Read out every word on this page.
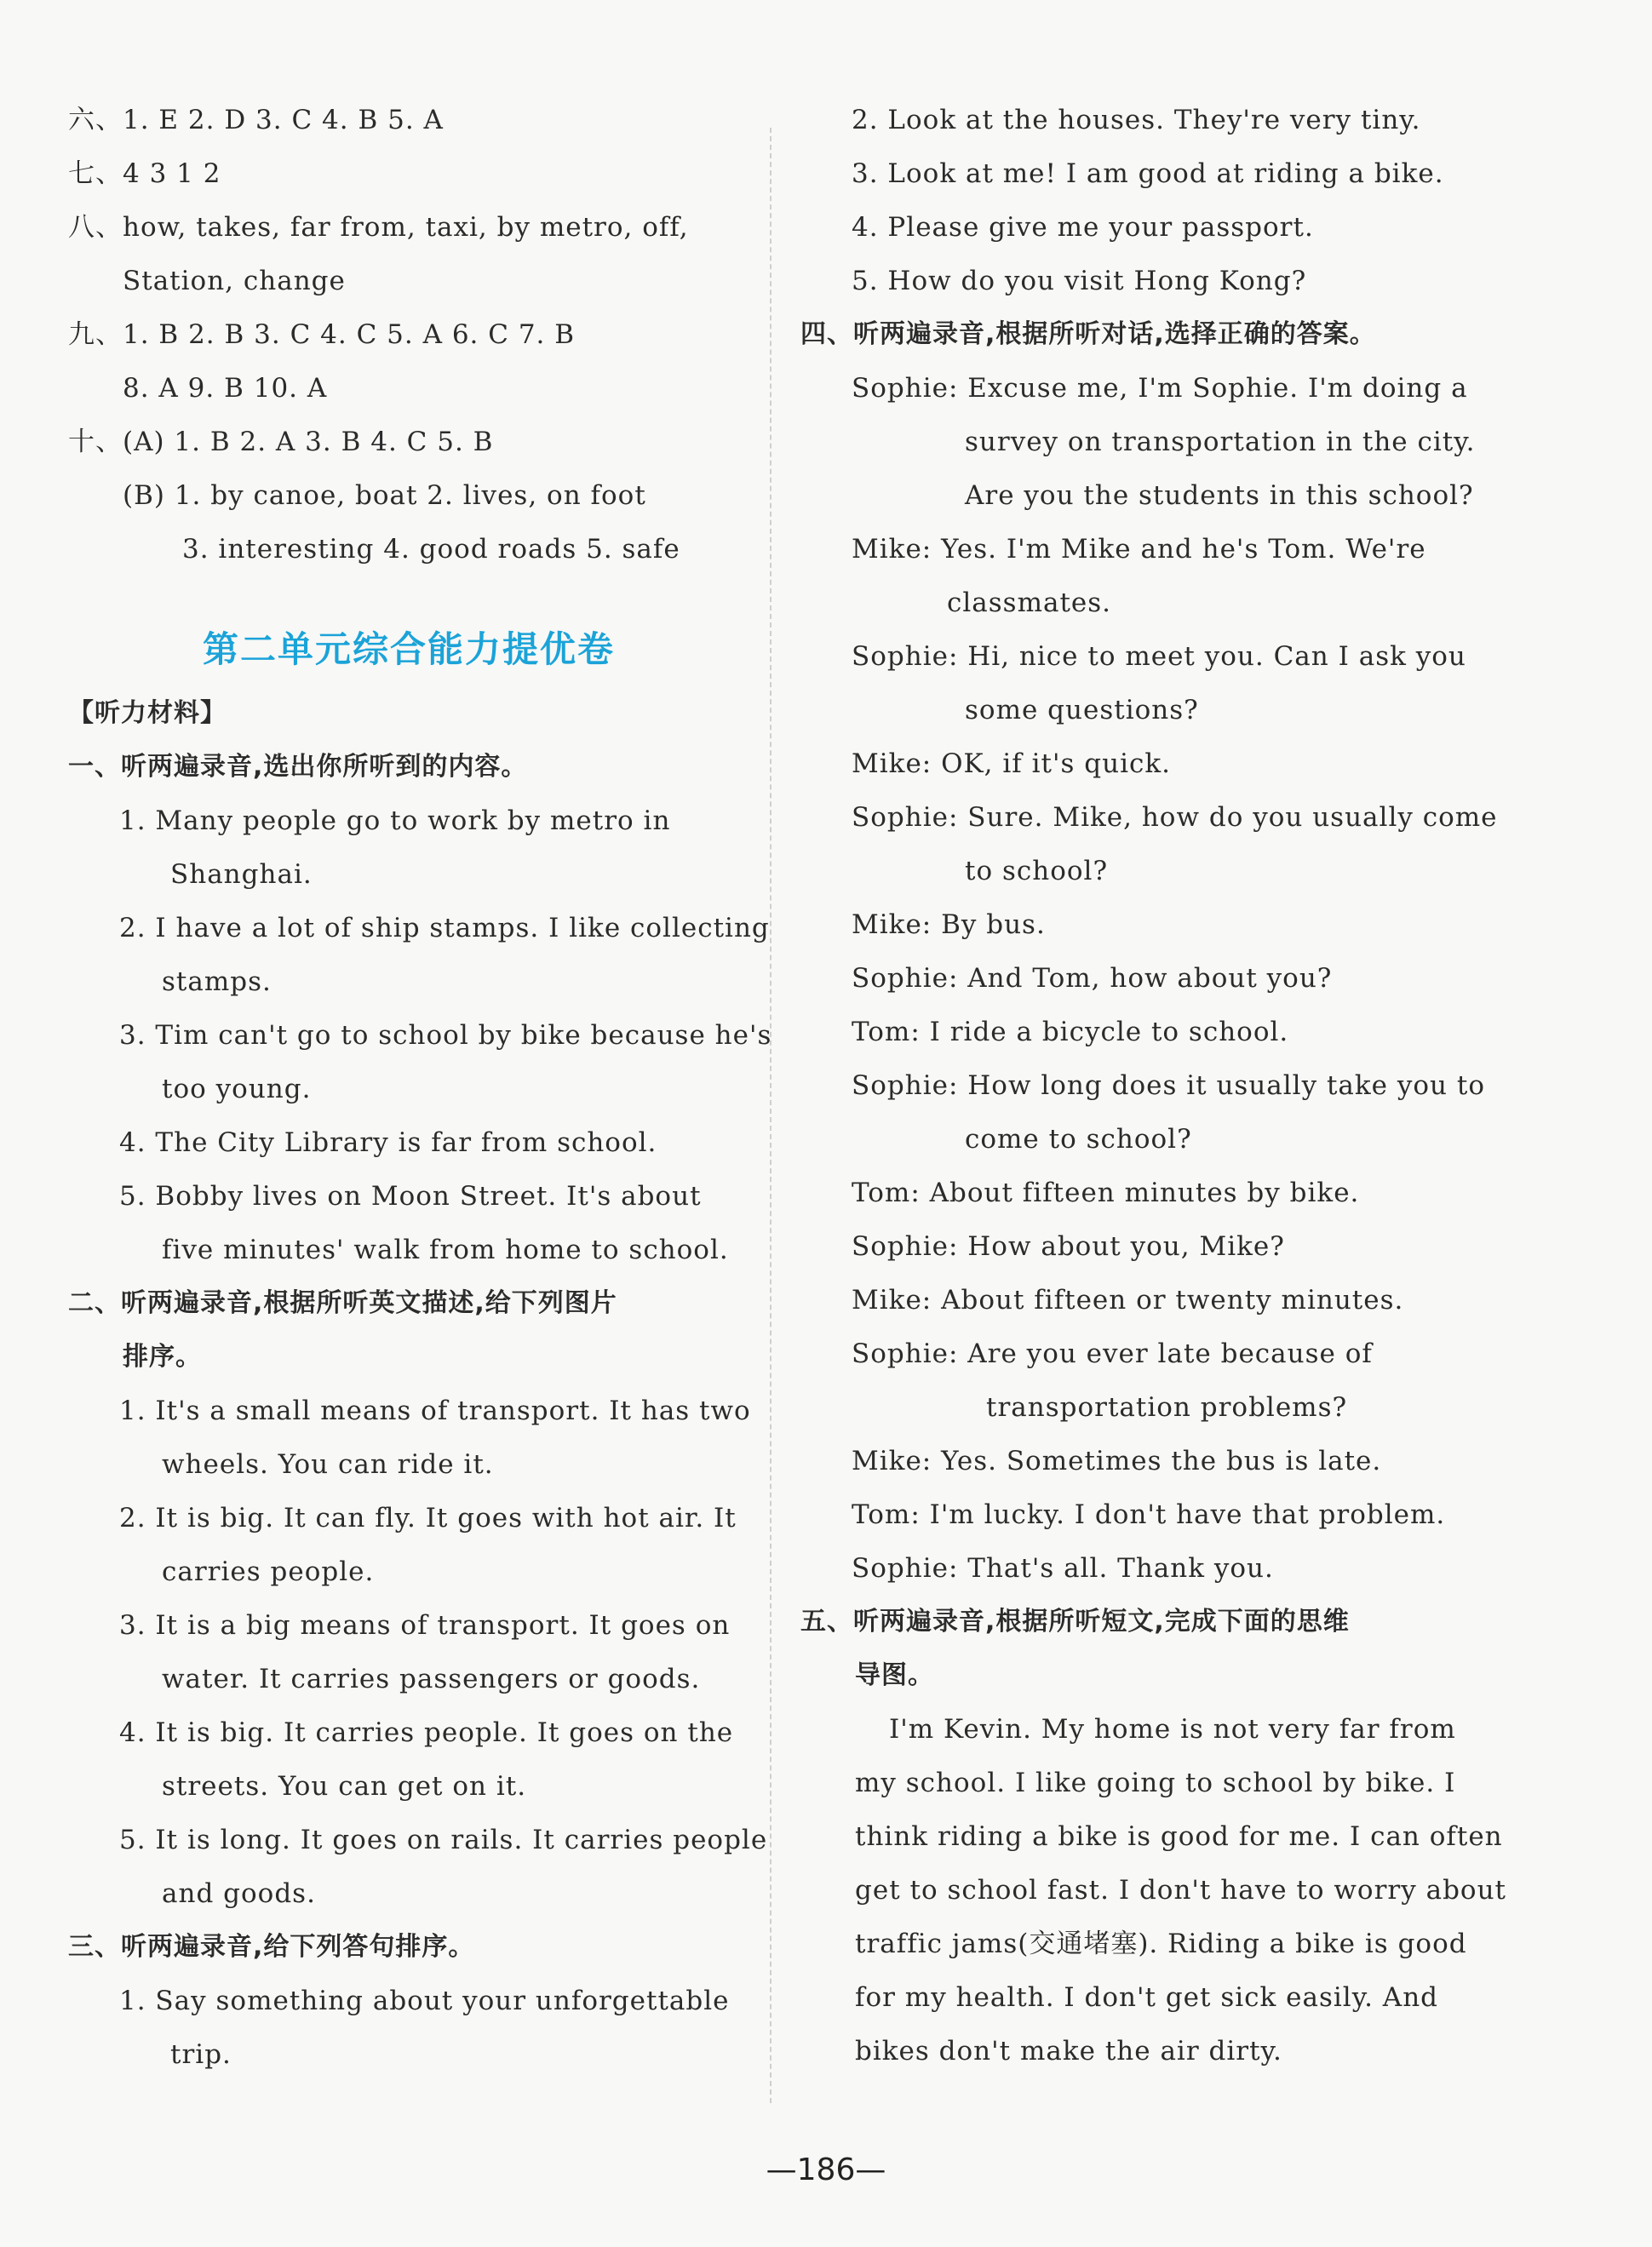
六、1. E 2. D 3. C 4. B 5. A
七、4 3 1 2
八、how, takes, far from, taxi, by metro, off,
Station, change
九、1. B 2. B 3. C 4. C 5. A 6. C 7. B
8. A 9. B 10. A
十、(A) 1. B 2. A 3. B 4. C 5. B
(B) 1. by canoe, boat 2. lives, on foot
3. interesting 4. good roads 5. safe
【听力材料】
一、听两遍录音,选出你所听到的内容。
1. Many people go to work by metro in
Shanghai.
2. I have a lot of ship stamps. I like collecting
stamps.
3. Tim can't go to school by bike because he's
too young.
4. The City Library is far from school.
5. Bobby lives on Moon Street. It's about
five minutes' walk from home to school.
二、听两遍录音,根据所听英文描述,给下列图片
排序。
1. It's a small means of transport. It has two
wheels. You can ride it.
2. It is big. It can fly. It goes with hot air. It
carries people.
3. It is a big means of transport. It goes on
water. It carries passengers or goods.
4. It is big. It carries people. It goes on the
streets. You can get on it.
5. It is long. It goes on rails. It carries people
and goods.
三、听两遍录音,给下列答句排序。
1. Say something about your unforgettable
trip.
2. Look at the houses. They're very tiny.
3. Look at me! I am good at riding a bike.
4. Please give me your passport.
5. How do you visit Hong Kong?
四、听两遍录音,根据所听对话,选择正确的答案。
Sophie: Excuse me, I'm Sophie. I'm doing a
survey on transportation in the city.
Are you the students in this school?
Mike: Yes. I'm Mike and he's Tom. We're
classmates.
Sophie: Hi, nice to meet you. Can I ask you
some questions?
Mike: OK, if it's quick.
Sophie: Sure. Mike, how do you usually come
to school?
Mike: By bus.
Sophie: And Tom, how about you?
Tom: I ride a bicycle to school.
Sophie: How long does it usually take you to
come to school?
Tom: About fifteen minutes by bike.
Sophie: How about you, Mike?
Mike: About fifteen or twenty minutes.
Sophie: Are you ever late because of
transportation problems?
Mike: Yes. Sometimes the bus is late.
Tom: I'm lucky. I don't have that problem.
Sophie: That's all. Thank you.
五、听两遍录音,根据所听短文,完成下面的思维
导图。
I'm Kevin. My home is not very far from
my school. I like going to school by bike. I
think riding a bike is good for me. I can often
get to school fast. I don't have to worry about
traffic jams(交通堵塞). Riding a bike is good
for my health. I don't get sick easily. And
bikes don't make the air dirty.
第二单元综合能力提优卷
—186—
